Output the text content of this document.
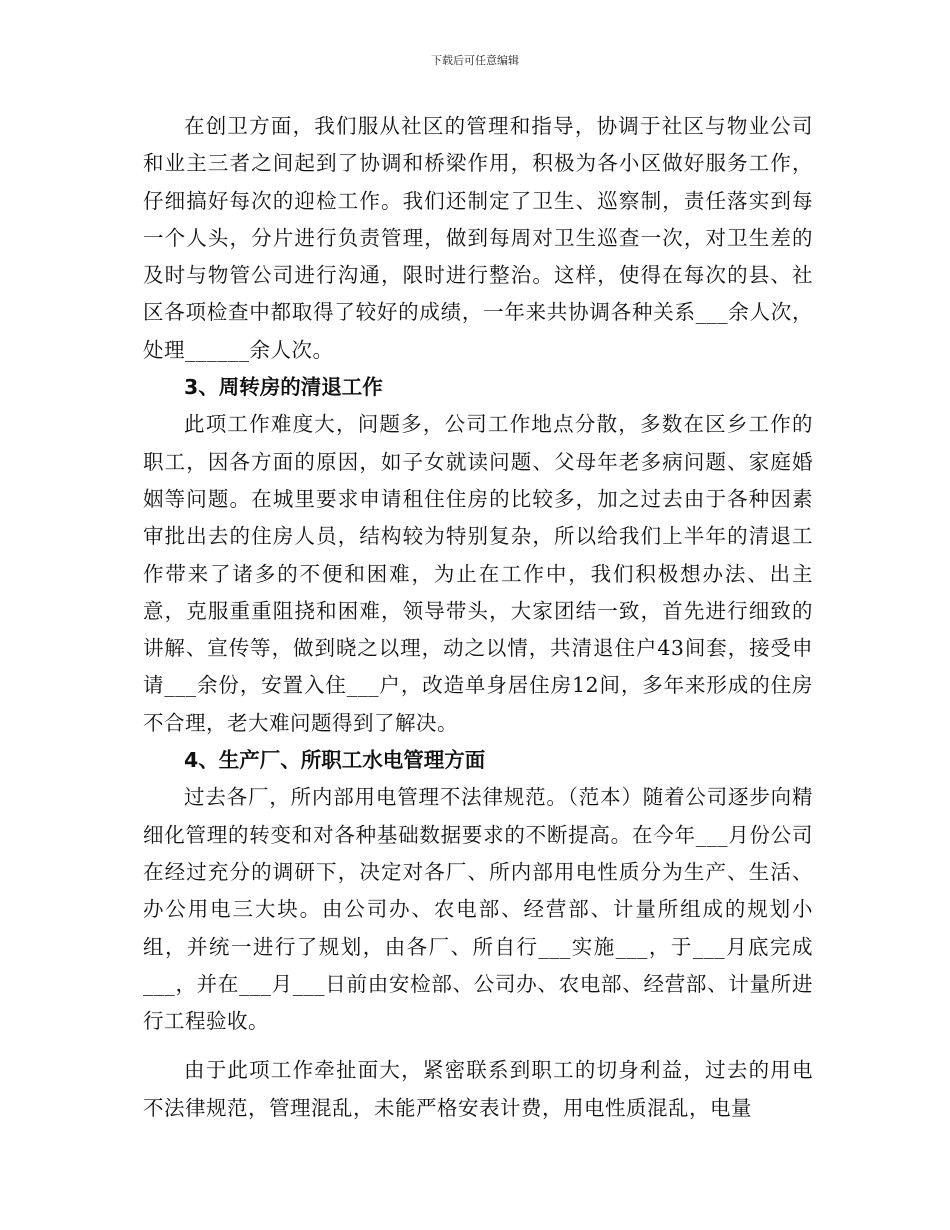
下载后可任意编辑

在创卫方面，我们服从社区的管理和指导，协调于社区与物业公司和业主三者之间起到了协调和桥梁作用，积极为各小区做好服务工作，仔细搞好每次的迎检工作。我们还制定了卫生、巡察制，责任落实到每一个人头，分片进行负责管理，做到每周对卫生巡查一次，对卫生差的及时与物管公司进行沟通，限时进行整治。这样，使得在每次的县、社区各项检查中都取得了较好的成绩，一年来共协调各种关系___余人次，处理______余人次。

3、周转房的清退工作

此项工作难度大，问题多，公司工作地点分散，多数在区乡工作的职工，因各方面的原因，如子女就读问题、父母年老多病问题、家庭婚姻等问题。在城里要求申请租住住房的比较多，加之过去由于各种因素审批出去的住房人员，结构较为特别复杂，所以给我们上半年的清退工作带来了诸多的不便和困难，为止在工作中，我们积极想办法、出主意，克服重重阻挠和困难，领导带头，大家团结一致，首先进行细致的讲解、宣传等，做到晓之以理，动之以情，共清退住户43间套，接受申请___余份，安置入住___户，改造单身居住房12间，多年来形成的住房不合理，老大难问题得到了解决。

4、生产厂、所职工水电管理方面

过去各厂，所内部用电管理不法律规范。（范本）随着公司逐步向精细化管理的转变和对各种基础数据要求的不断提高。在今年___月份公司在经过充分的调研下，决定对各厂、所内部用电性质分为生产、生活、办公用电三大块。由公司办、农电部、经营部、计量所组成的规划小组，并统一进行了规划，由各厂、所自行___实施___，于___月底完成___，并在___月___日前由安检部、公司办、农电部、经营部、计量所进行工程验收。

由于此项工作牵扯面大，紧密联系到职工的切身利益，过去的用电不法律规范，管理混乱，未能严格安表计费，用电性质混乱，电量
